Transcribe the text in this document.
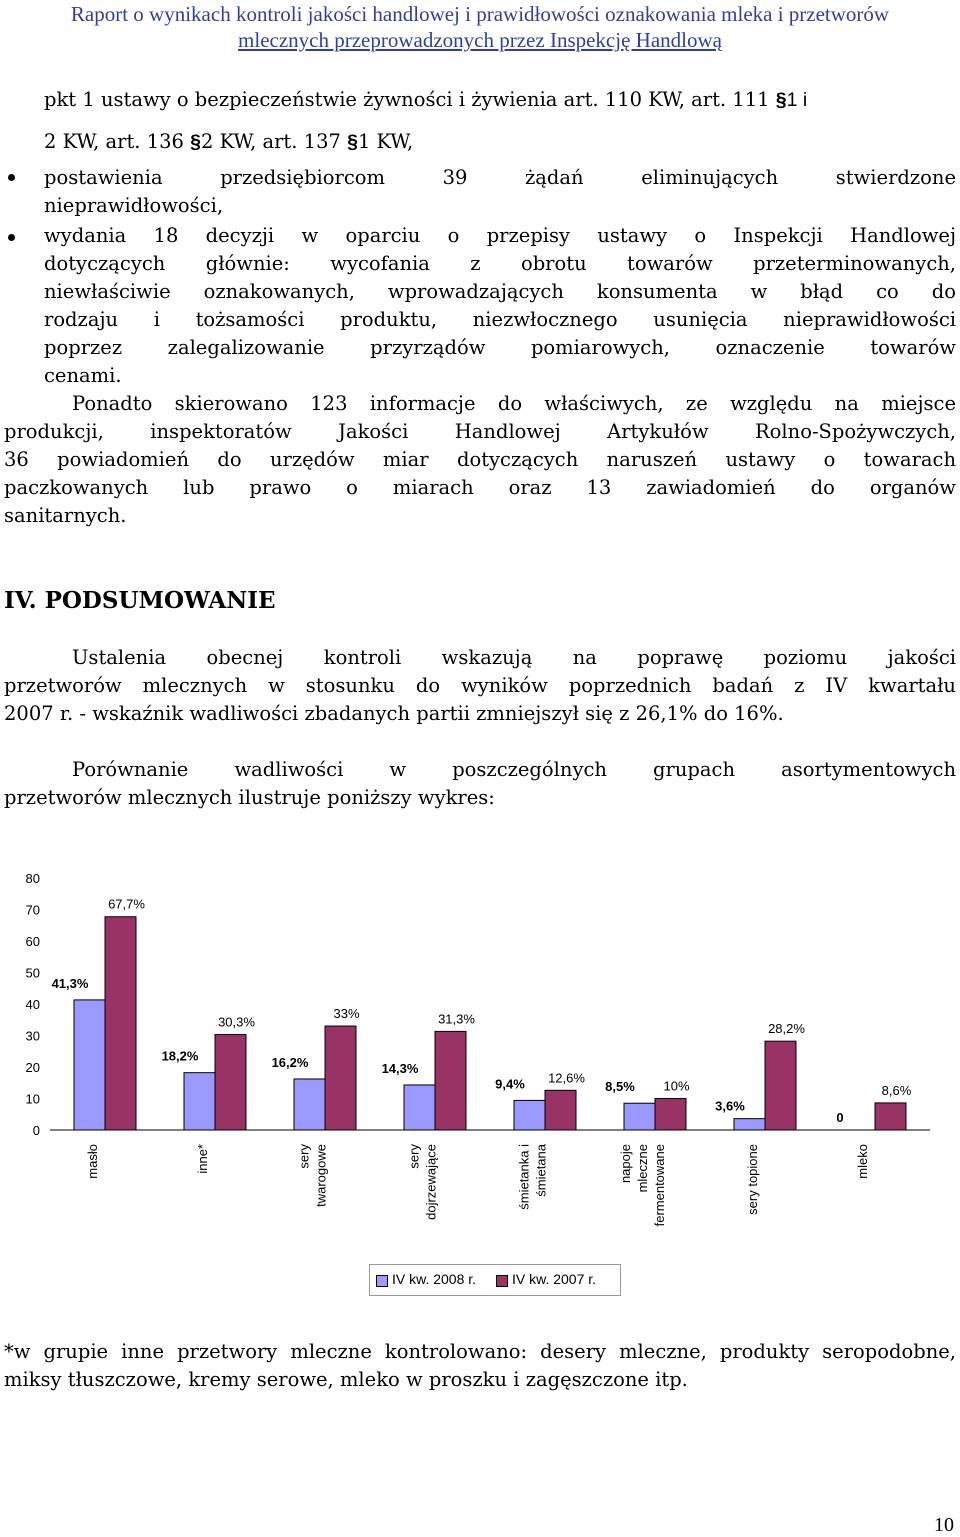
Raport o wynikach kontroli jakości handlowej i prawidłowości oznakowania mleka i przetworów
mlecznych przeprowadzonych przez Inspekcję Handlową
pkt 1 ustawy o bezpieczeństwie żywności i żywienia art. 110 KW, art. 111 §1 i
2 KW, art. 136 §2 KW, art. 137 §1 KW,
postawienia przedsiębiorcom 39 żądań eliminujących stwierdzone
nieprawidłowości,
wydania 18 decyzji w oparciu o przepisy ustawy o Inspekcji Handlowej
dotyczących głównie: wycofania z obrotu towarów przeterminowanych,
niewłaściwie oznakowanych, wprowadzających konsumenta w błąd co do
rodzaju i tożsamości produktu, niezwłocznego usunięcia nieprawidłowości
poprzez zalegalizowanie przyrządów pomiarowych, oznaczenie towarów
cenami.
Ponadto skierowano 123 informacje do właściwych, ze względu na miejsce
produkcji, inspektoratów Jakości Handlowej Artykułów Rolno-Spożywczych,
36 powiadomień do urzędów miar dotyczących naruszeń ustawy o towarach
paczkowanych lub prawo o miarach oraz 13 zawiadomień do organów
sanitarnych.
IV. PODSUMOWANIE
Ustalenia obecnej kontroli wskazują na poprawę poziomu jakości
przetworów mlecznych w stosunku do wyników poprzednich badań z IV kwartału
2007 r. - wskaźnik wadliwości zbadanych partii zmniejszył się z 26,1% do 16%.
Porównanie wadliwości w poszczególnych grupach asortymentowych
przetworów mlecznych ilustruje poniższy wykres:
0
10
20
30
40
50
60
70
80
41,3%
67,7%
masło
18,2%
30,3%
inne*
16,2%
33%
sery twarogowe
14,3%
31,3%
sery dojrzewające
9,4% 12,6%
śmietanka i śmietana
8,5% 10%
napoje mleczne fermentowane
3,6%
28,2%
sery topione
0
8,6%
mleko
IV kw. 2008 r.	IV kw. 2007 r.
*w grupie inne przetwory mleczne kontrolowano: desery mleczne, produkty seropodobne,
miksy tłuszczowe, kremy serowe, mleko w proszku i zagęszczone itp.
10
